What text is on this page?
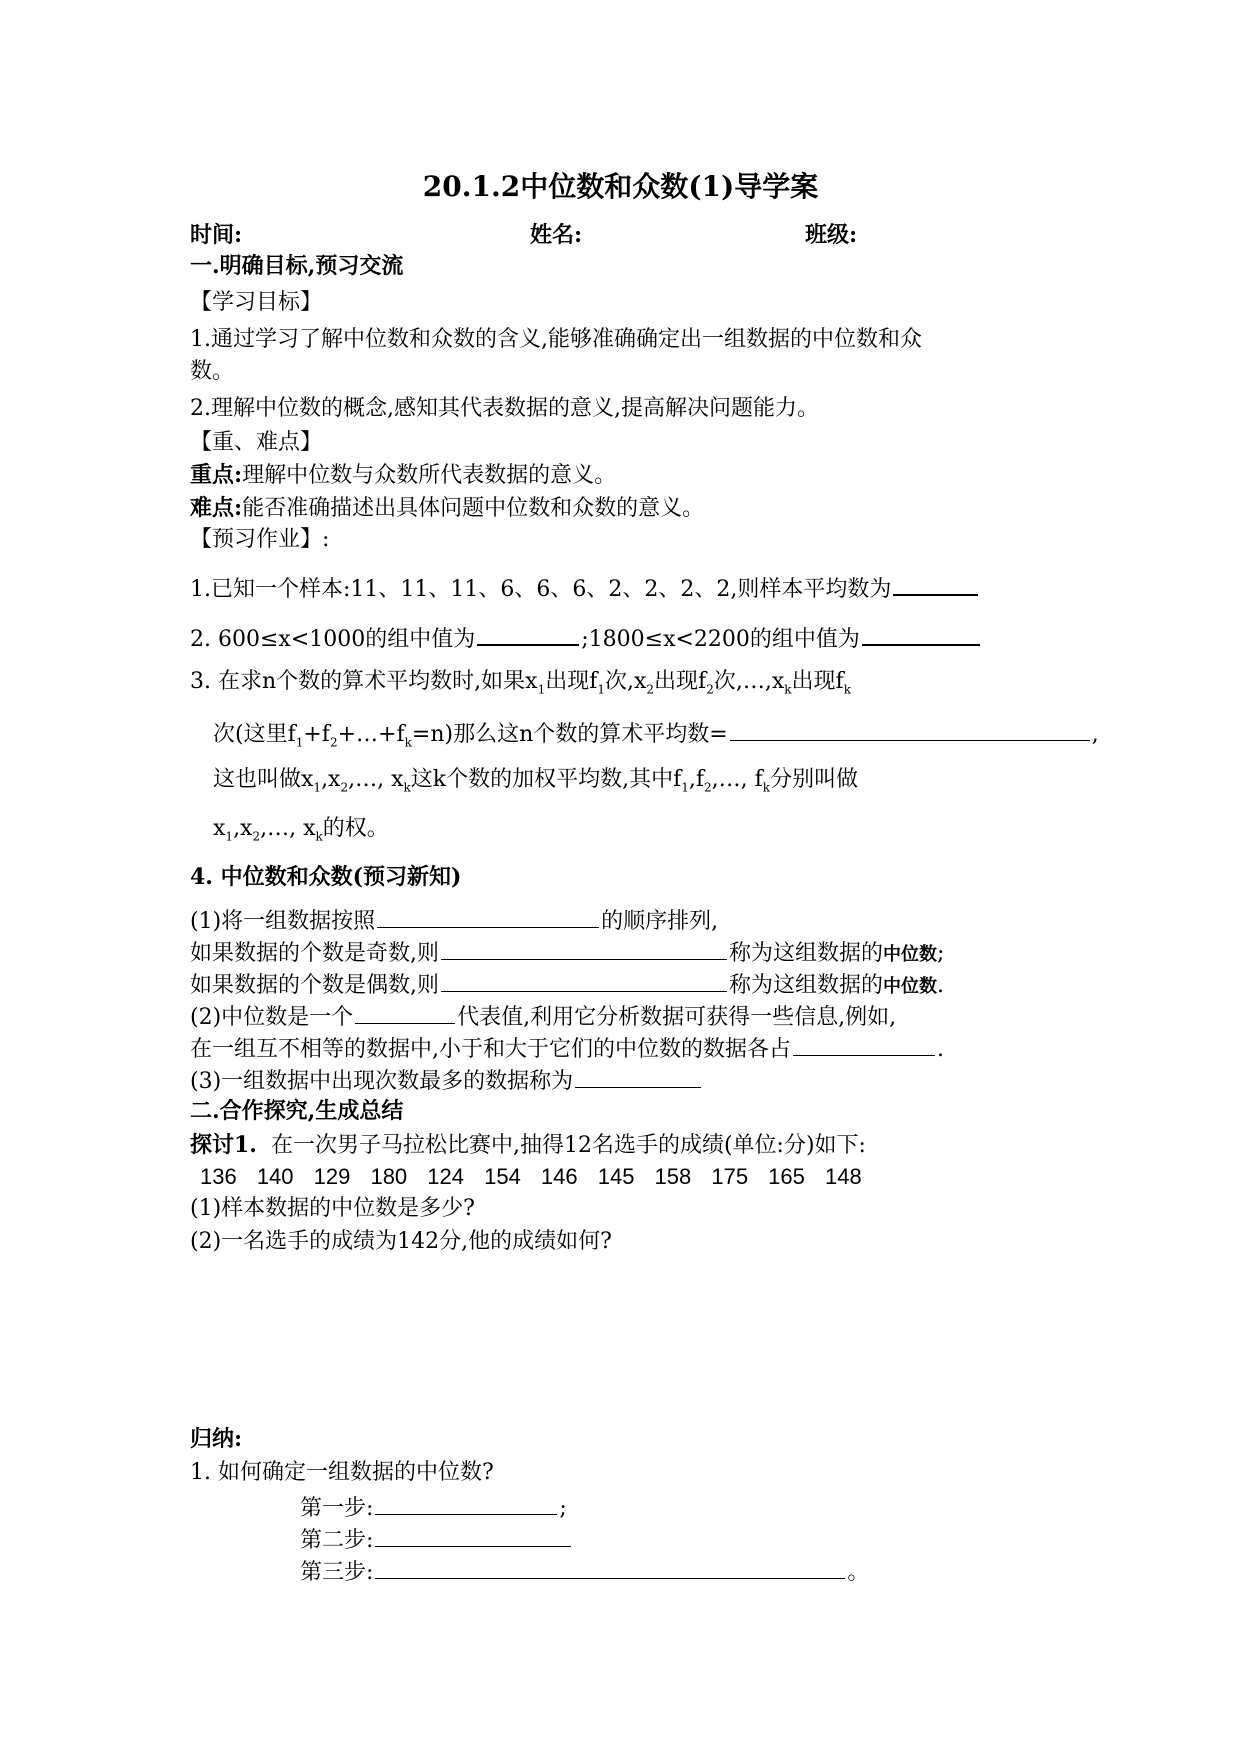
20.1.2中位数和众数(1)导学案
时间:	姓名:	班级:
一.明确目标,预习交流
【学习目标】
1.通过学习了解中位数和众数的含义,能够准确确定出一组数据的中位数和众
数。
2.理解中位数的概念,感知其代表数据的意义,提高解决问题能力。
【重、难点】
重点:理解中位数与众数所代表数据的意义。
难点:能否准确描述出具体问题中位数和众数的意义。
【预习作业】:
1.已知一个样本:11、11、11、6、6、6、2、2、2、2,则样本平均数为
2. 600≤x<1000的组中值为	;1800≤x<2200的组中值为
3. 在求n个数的算术平均数时,如果$x_1$出现$f_1$次$,x_2$出现$f_2$次$,\dots,x_k$出现$f_k$
次(这里$f_1+f_2+\dots+f_k=n$)那么这n个数的算术平均数=	,
这也叫做$x_1,x_2,\dots$, $x_k$这k个数的加权平均数,其中$f_1,f_2,\dots$, $f_k$分别叫做
$x_1,x_2,\dots$, $x_k$的权。
4. 中位数和众数(预习新知)
(1)将一组数据按照	的顺序排列,
如果数据的个数是奇数,则	称为这组数据的中位数;
如果数据的个数是偶数,则	称为这组数据的中位数.
(2)中位数是一个	代表值,利用它分析数据可获得一些信息,例如,
在一组互不相等的数据中,小于和大于它们的中位数的数据各占	.
(3)一组数据中出现次数最多的数据称为
二.合作探究,生成总结
探讨1. 在一次男子马拉松比赛中,抽得12名选手的成绩(单位:分)如下:
136 140 129 180 124 154 146 145 158 175 165 148
(1)样本数据的中位数是多少?
(2)一名选手的成绩为142分,他的成绩如何?
归纳:
1. 如何确定一组数据的中位数?
第一步:	;
第二步:
第三步:	。
